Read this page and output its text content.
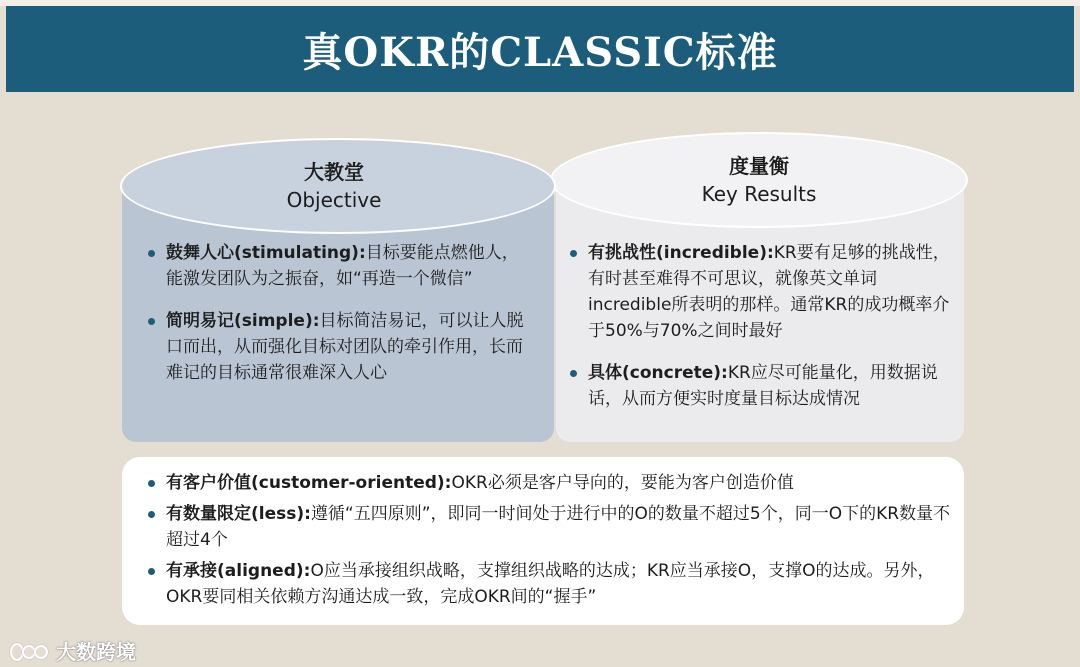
真OKR的CLASSIC标准
度量衡
Key Results
大教堂
Objective
鼓舞人心(stimulating):目标要能点燃他人，能激发团队为之振奋，如“再造一个微信”
简明易记(simple):目标简洁易记，可以让人脱口而出，从而强化目标对团队的牵引作用，长而难记的目标通常很难深入人心
有挑战性(incredible):KR要有足够的挑战性，有时甚至难得不可思议，就像英文单词incredible所表明的那样。通常KR的成功概率介于50%与70%之间时最好
具体(concrete):KR应尽可能量化，用数据说话，从而方便实时度量目标达成情况
有客户价值(customer-oriented):OKR必须是客户导向的，要能为客户创造价值
有数量限定(less):遵循“五四原则”，即同一时间处于进行中的O的数量不超过5个，同一O下的KR数量不超过4个
有承接(aligned):O应当承接组织战略，支撑组织战略的达成；KR应当承接O，支撑O的达成。另外，OKR要同相关依赖方沟通达成一致，完成OKR间的“握手”
大数跨境
